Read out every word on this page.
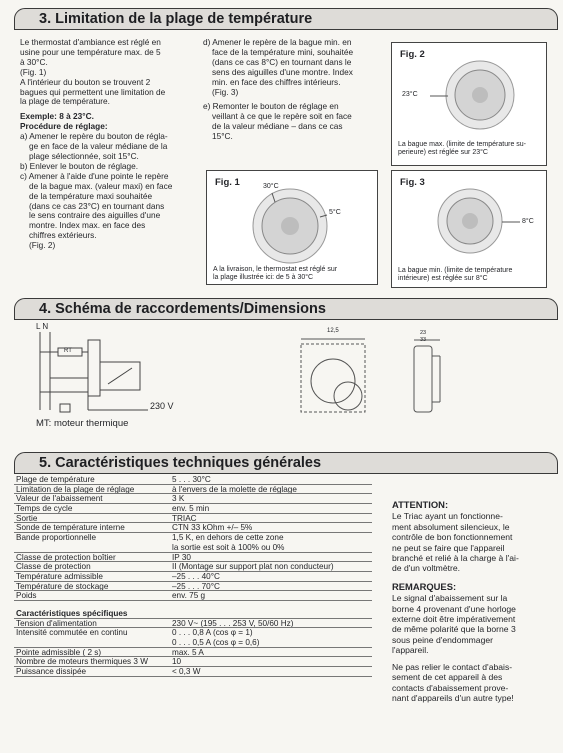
3. Limitation de la plage de température

Le thermostat d'ambiance est réglé en

usine pour une température max. de 5

à 30°C.

(Fig. 1)

A l'intérieur du bouton se trouvent 2

bagues qui permettent une limitation de

la plage de température.

Exemple: 8 à 23°C.

Procédure de réglage:

a) Amener le repère du bouton de régla-

ge en face de la valeur médiane de la

plage sélectionnée, soit 15°C.

b) Enlever le bouton de réglage.

c) Amener à l'aide d'une pointe le repère

de la bague max. (valeur maxi) en face

de la température maxi souhaitée

(dans ce cas 23°C) en tournant dans

le sens contraire des aiguilles d'une

montre. Index max. en face des

chiffres extérieurs.

(Fig. 2)

d) Amener le repère de la bague min. en

face de la température mini, souhaitée

(dans ce cas 8°C) en tournant dans le

sens des aiguilles d'une montre. Index

min. en face des chiffres intérieurs.

(Fig. 3)

e) Remonter le bouton de réglage en

veillant à ce que le repère soit en face

de la valeur médiane – dans ce cas

15°C.

Fig. 1	30°C
5°C
A la livraison, le thermostat est réglé sur
la plage illustrée ici: de 5 à 30°C
Fig. 2
23°C
La bague max. (limite de température su-
perieure) est réglée sur 23°C
Fig. 3
8°C
La bague min. (limite de température
intérieure) est réglée sur 8°C
4. Schéma de raccordements/Dimensions
L N
RT
230 V
MT: moteur thermique
12,5	23
33
5. Caractéristiques techniques générales
Plage de température	5 . . . 30°C
Limitation de la plage de réglage	à l'envers de la molette de réglage
Valeur de l'abaissement	3 K
Temps de cycle	env. 5 min
Sortie	TRIAC
Sonde de température interne	CTN 33 kOhm +/– 5%
Bande proportionnelle	1,5 K, en dehors de cette zone
la sortie est soit à 100% ou 0%
Classe de protection boîtier	IP 30
Classe de protection	II (Montage sur support plat non conducteur)
Température admissible	–25 . . . 40°C
Température de stockage	–25 . . . 70°C
Poids	env. 75 g
Caractéristiques spécifiques
Tension d'alimentation	230 V~ (195 . . . 253 V, 50/60 Hz)
Intensité commutée en continu	0 . . . 0,8 A (cos φ = 1)
0 . . . 0,5 A (cos φ = 0,6)
Pointe admissible ( 2 s)	max. 5 A
Nombre de moteurs thermiques 3 W	10
Puissance dissipée	< 0,3 W
ATTENTION:
Le Triac ayant un fonctionne-
ment absolument silencieux, le
contrôle de bon fonctionnement
ne peut se faire que l'appareil
branché et relié à la charge à l'ai-
de d'un voltmètre.
REMARQUES:
Le signal d'abaissement sur la
borne 4 provenant d'une horloge
externe doit être impérativement
de même polarité que la borne 3
sous peine d'endommager
l'appareil.
Ne pas relier le contact d'abais-
sement de cet appareil à des
contacts d'abaissement prove-
nant d'appareils d'un autre type!
